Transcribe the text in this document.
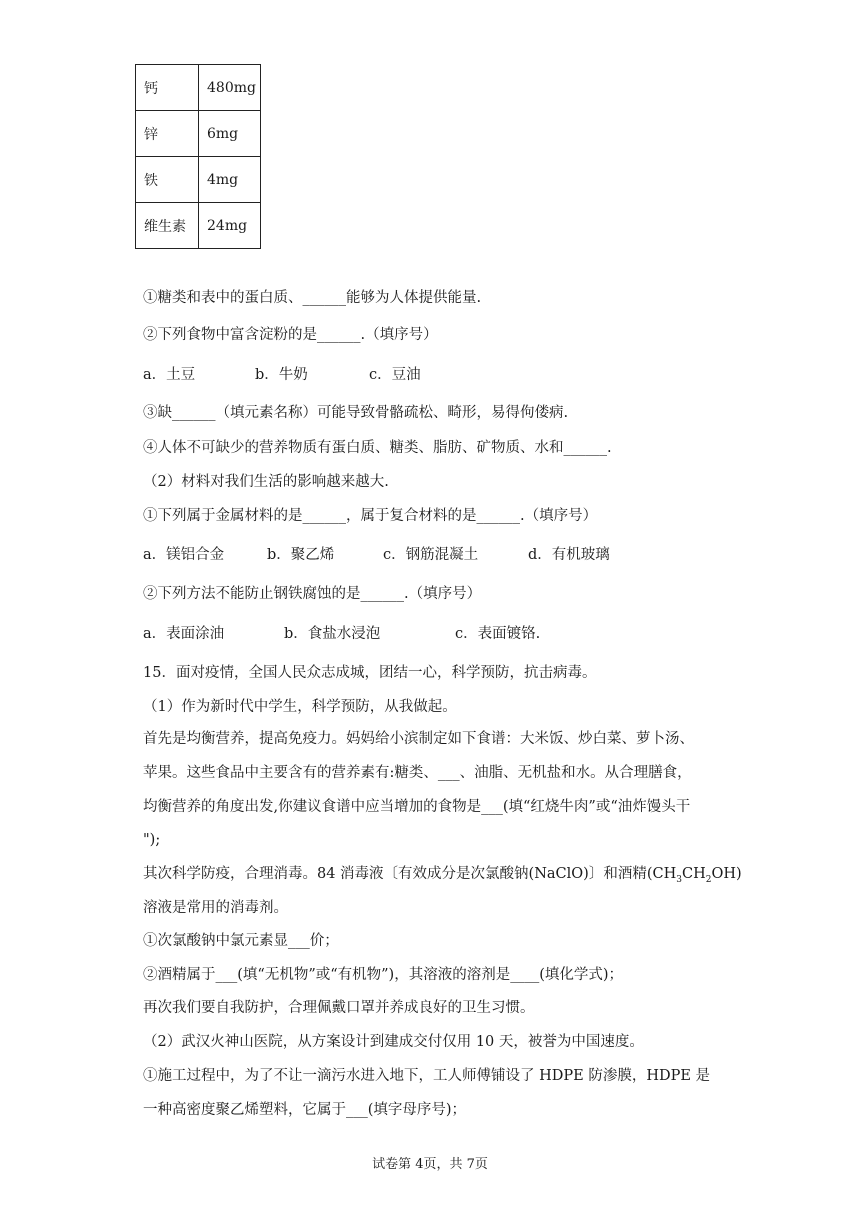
钙	480mg
锌	6mg
铁	4mg
维生素	24mg
①糖类和表中的蛋白质、______能够为人体提供能量.
②下列食物中富含淀粉的是______.（填序号）
a．土豆	b．牛奶	c．豆油
③缺______（填元素名称）可能导致骨骼疏松、畸形，易得佝偻病.
④人体不可缺少的营养物质有蛋白质、糖类、脂肪、矿物质、水和______.
（2）材料对我们生活的影响越来越大.
①下列属于金属材料的是______，属于复合材料的是______.（填序号）
a．镁铝合金	b．聚乙烯	c．钢筋混凝土	d．有机玻璃
②下列方法不能防止钢铁腐蚀的是______.（填序号）
a．表面涂油	b．食盐水浸泡	c．表面镀铬.
15．面对疫情，全国人民众志成城，团结一心，科学预防，抗击病毒。
（1）作为新时代中学生，科学预防，从我做起。
首先是均衡营养，提高免疫力。妈妈给小滨制定如下食谱：大米饭、炒白菜、萝卜汤、
苹果。这些食品中主要含有的营养素有:糖类、___、油脂、无机盐和水。从合理膳食，
均衡营养的角度出发,你建议食谱中应当增加的食物是___(填“红烧牛肉”或“油炸馒头干
");
其次科学防疫，合理消毒。84 消毒液〔有效成分是次氯酸钠(NaClO)〕和酒精$(CH_3CH_2OH)$
溶液是常用的消毒剂。
①次氯酸钠中氯元素显___价；
②酒精属于___(填“无机物”或“有机物”)，其溶液的溶剂是____(填化学式)；
再次我们要自我防护，合理佩戴口罩并养成良好的卫生习惯。
（2）武汉火神山医院，从方案设计到建成交付仅用 10 天，被誉为中国速度。
①施工过程中，为了不让一滴污水进入地下，工人师傅铺设了 HDPE 防渗膜，HDPE 是
一种高密度聚乙烯塑料，它属于___(填字母序号)；
试卷第 4页，共 7页
